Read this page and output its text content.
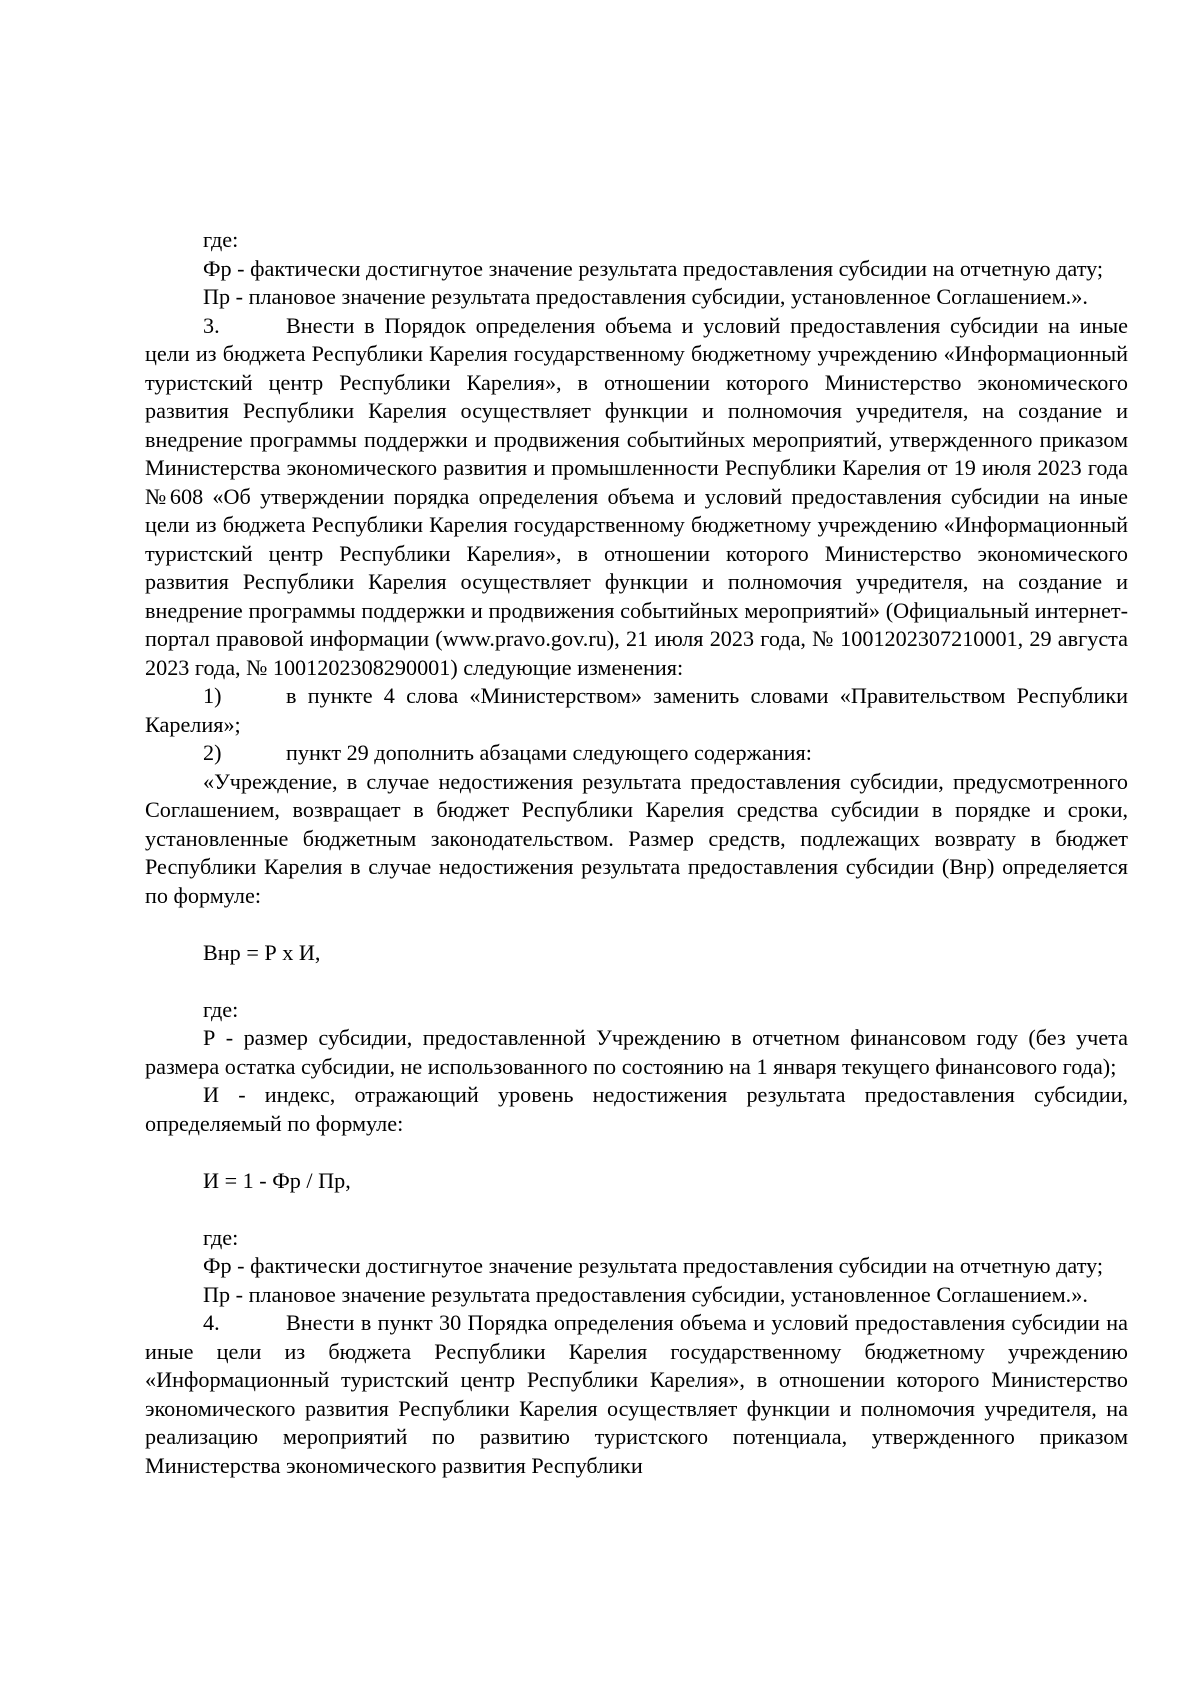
где:

Фр - фактически достигнутое значение результата предоставления субсидии на отчетную дату;

Пр - плановое значение результата предоставления субсидии, установленное Соглашением.».

3.	Внести в Порядок определения объема и условий предоставления субсидии на иные цели из бюджета Республики Карелия государственному бюджетному учреждению «Информационный туристский центр Республики Карелия», в отношении которого Министерство экономического развития Республики Карелия осуществляет функции и полномочия учредителя, на создание и внедрение программы поддержки и продвижения событийных мероприятий, утвержденного приказом Министерства экономического развития и промышленности Республики Карелия от 19 июля 2023 года №608 «Об утверждении порядка определения объема и условий предоставления субсидии на иные цели из бюджета Республики Карелия государственному бюджетному учреждению «Информационный туристский центр Республики Карелия», в отношении которого Министерство экономического развития Республики Карелия осуществляет функции и полномочия учредителя, на создание и внедрение программы поддержки и продвижения событийных мероприятий» (Официальный интернет-портал правовой информации (www.pravo.gov.ru), 21 июля 2023 года, № 1001202307210001, 29 августа 2023 года, № 1001202308290001) следующие изменения:

1)	в пункте 4 слова «Министерством» заменить словами «Правительством Республики Карелия»;

2)	пункт 29 дополнить абзацами следующего содержания:

«Учреждение, в случае недостижения результата предоставления субсидии, предусмотренного Соглашением, возвращает в бюджет Республики Карелия средства субсидии в порядке и сроки, установленные бюджетным законодательством. Размер средств, подлежащих возврату в бюджет Республики Карелия в случае недостижения результата предоставления субсидии (Внр) определяется по формуле:

Внр = Р x И,

где:

Р - размер субсидии, предоставленной Учреждению в отчетном финансовом году (без учета размера остатка субсидии, не использованного по состоянию на 1 января текущего финансового года);

И - индекс, отражающий уровень недостижения результата предоставления субсидии, определяемый по формуле:

И = 1 - Фр / Пр,

где:

Фр - фактически достигнутое значение результата предоставления субсидии на отчетную дату;

Пр - плановое значение результата предоставления субсидии, установленное Соглашением.».

4.	Внести в пункт 30 Порядка определения объема и условий предоставления субсидии на иные цели из бюджета Республики Карелия государственному бюджетному учреждению «Информационный туристский центр Республики Карелия», в отношении которого Министерство экономического развития Республики Карелия осуществляет функции и полномочия учредителя, на реализацию мероприятий по развитию туристского потенциала, утвержденного приказом Министерства экономического развития Республики
